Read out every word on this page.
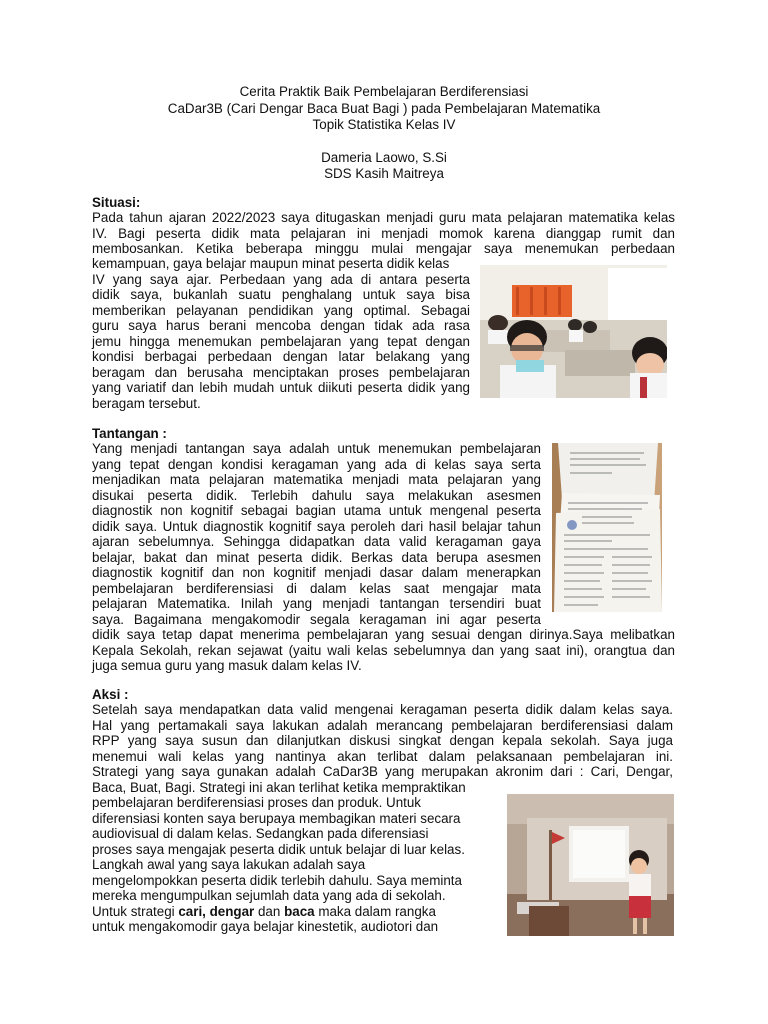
Cerita Praktik Baik Pembelajaran Berdiferensiasi
CaDar3B (Cari Dengar Baca Buat Bagi ) pada Pembelajaran Matematika
Topik Statistika Kelas IV
Dameria Laowo, S.Si
SDS Kasih Maitreya
Situasi:
Pada tahun ajaran 2022/2023 saya ditugaskan menjadi guru mata pelajaran matematika kelas
IV. Bagi peserta didik mata pelajaran ini menjadi momok karena dianggap rumit dan
membosankan. Ketika beberapa minggu mulai mengajar saya menemukan perbedaan
kemampuan, gaya belajar maupun minat peserta didik kelas
IV yang saya ajar. Perbedaan yang ada di antara peserta
didik saya, bukanlah suatu penghalang untuk saya bisa
memberikan pelayanan pendidikan yang optimal. Sebagai
guru saya harus berani mencoba dengan tidak ada rasa
jemu hingga menemukan pembelajaran yang tepat dengan
kondisi berbagai perbedaan dengan latar belakang yang
beragam dan berusaha menciptakan proses pembelajaran
yang variatif dan lebih mudah untuk diikuti peserta didik yang
beragam tersebut.
Tantangan :
Yang menjadi tantangan saya adalah untuk menemukan pembelajaran
yang tepat dengan kondisi keragaman yang ada di kelas saya serta
menjadikan mata pelajaran matematika menjadi mata pelajaran yang
disukai peserta didik. Terlebih dahulu saya melakukan asesmen
diagnostik non kognitif sebagai bagian utama untuk mengenal peserta
didik saya. Untuk diagnostik kognitif saya peroleh dari hasil belajar tahun
ajaran sebelumnya. Sehingga didapatkan data valid keragaman gaya
belajar, bakat dan minat peserta didik. Berkas data berupa asesmen
diagnostik kognitif dan non kognitif menjadi dasar dalam menerapkan
pembelajaran berdiferensiasi di dalam kelas saat mengajar mata
pelajaran Matematika. Inilah yang menjadi tantangan tersendiri buat
saya. Bagaimana mengakomodir segala keragaman ini agar peserta
didik saya tetap dapat menerima pembelajaran yang sesuai dengan dirinya.Saya melibatkan
Kepala Sekolah, rekan sejawat (yaitu wali kelas sebelumnya dan yang saat ini), orangtua dan
juga semua guru yang masuk dalam kelas IV.
Aksi :
Setelah saya mendapatkan data valid mengenai keragaman peserta didik dalam kelas saya.
Hal yang pertamakali saya lakukan adalah merancang pembelajaran berdiferensiasi dalam
RPP yang saya susun dan dilanjutkan diskusi singkat dengan kepala sekolah. Saya juga
menemui wali kelas yang nantinya akan terlibat dalam pelaksanaan pembelajaran ini.
Strategi yang saya gunakan adalah CaDar3B yang merupakan akronim dari : Cari, Dengar,
Baca, Buat, Bagi. Strategi ini akan terlihat ketika mempraktikan
pembelajaran berdiferensiasi proses dan produk. Untuk
diferensiasi konten saya berupaya membagikan materi secara
audiovisual di dalam kelas. Sedangkan pada diferensiasi
proses saya mengajak peserta didik untuk belajar di luar kelas.
Langkah awal yang saya lakukan adalah saya
mengelompokkan peserta didik terlebih dahulu. Saya meminta
mereka mengumpulkan sejumlah data yang ada di sekolah.
Untuk strategi cari, dengar dan baca maka dalam rangka
untuk mengakomodir gaya belajar kinestetik, audiotori dan
